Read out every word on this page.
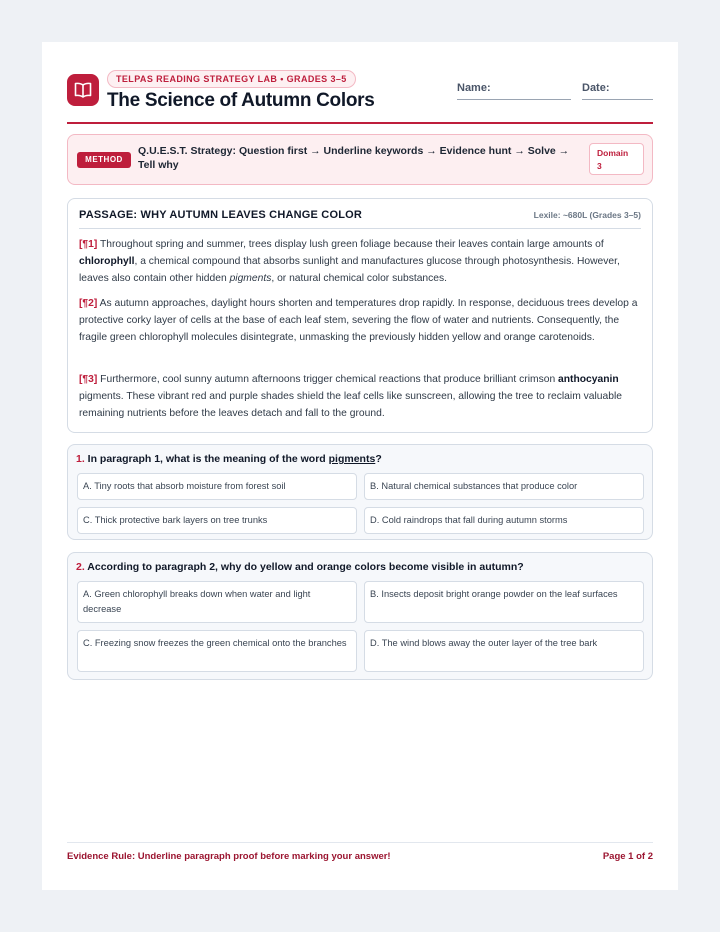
TELPAS READING STRATEGY LAB • GRADES 3–5
The Science of Autumn Colors
Name:	Date:
METHOD
Q.U.E.S.T. Strategy: Question first → Underline keywords → Evidence hunt → Solve → Tell why
Domain
3
PASSAGE: WHY AUTUMN LEAVES CHANGE COLOR	Lexile: ~680L (Grades 3–5)

[¶1] Throughout spring and summer, trees display lush green foliage because their leaves contain large amounts of chlorophyll, a chemical compound that absorbs sunlight and manufactures glucose through photosynthesis. However, leaves also contain other hidden pigments, or natural chemical color substances.

[¶2] As autumn approaches, daylight hours shorten and temperatures drop rapidly. In response, deciduous trees develop a protective corky layer of cells at the base of each leaf stem, severing the flow of water and nutrients. Consequently, the fragile green chlorophyll molecules disintegrate, unmasking the previously hidden yellow and orange carotenoids.

[¶3] Furthermore, cool sunny autumn afternoons trigger chemical reactions that produce brilliant crimson anthocyanin pigments. These vibrant red and purple shades shield the leaf cells like sunscreen, allowing the tree to reclaim valuable remaining nutrients before the leaves detach and fall to the ground.

1. In paragraph 1, what is the meaning of the word pigments?
A. Tiny roots that absorb moisture from forest soil	B. Natural chemical substances that produce color
C. Thick protective bark layers on tree trunks	D. Cold raindrops that fall during autumn storms
2. According to paragraph 2, why do yellow and orange colors become visible in autumn?
A. Green chlorophyll breaks down when water and light decrease
B. Insects deposit bright orange powder on the leaf surfaces
C. Freezing snow freezes the green chemical onto the branches	D. The wind blows away the outer layer of the tree bark
Evidence Rule: Underline paragraph proof before marking your answer!	Page 1 of 2
